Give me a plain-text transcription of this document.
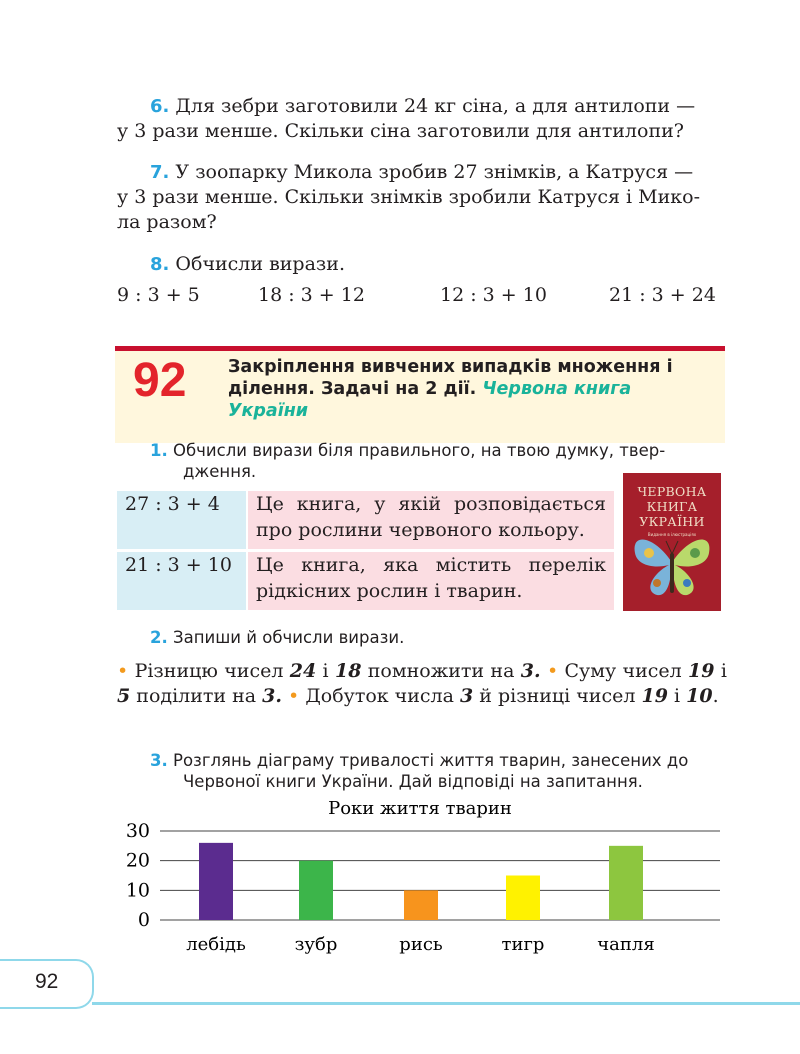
6. Для зебри заготовили 24 кг сіна, а для антилопи —
у 3 рази менше. Скільки сіна заготовили для антилопи?
7. У зоопарку Микола зробив 27 знімків, а Катруся —
у 3 рази менше. Скільки знімків зробили Катруся і Мико-
ла разом?
8. Обчисли вирази.
9 : 3 + 5	18 : 3 + 12	12 : 3 + 10	21 : 3 + 24
92 Закріплення вивчених випадків множення і
ділення. Задачі на 2 дії. Червона книга
України
1. Обчисли вирази біля правильного, на твою думку, твер-
дження.
27 : 3 + 4	Це книга, у якій розповідається про рослини червоного кольору.
21 : 3 + 10	Це книга, яка містить перелік рідкісних рослин і тварин.
ЧЕРВОНА
КНИГА
УКРАЇНИ
Видання в ілюстраціях
2. Запиши й обчисли вирази.
• Різницю чисел 24 і 18 помножити на 3. • Суму чисел 19 і 5 поділити на 3. • Добуток числа 3 й різниці чисел 19 і 10.
3. Розглянь діаграму тривалості життя тварин, занесених до
Червоної книги України. Дай відповіді на запитання.
Роки життя тварин
0
10
20
30
лебідь	зубр	рись	тигр	чапля
92
